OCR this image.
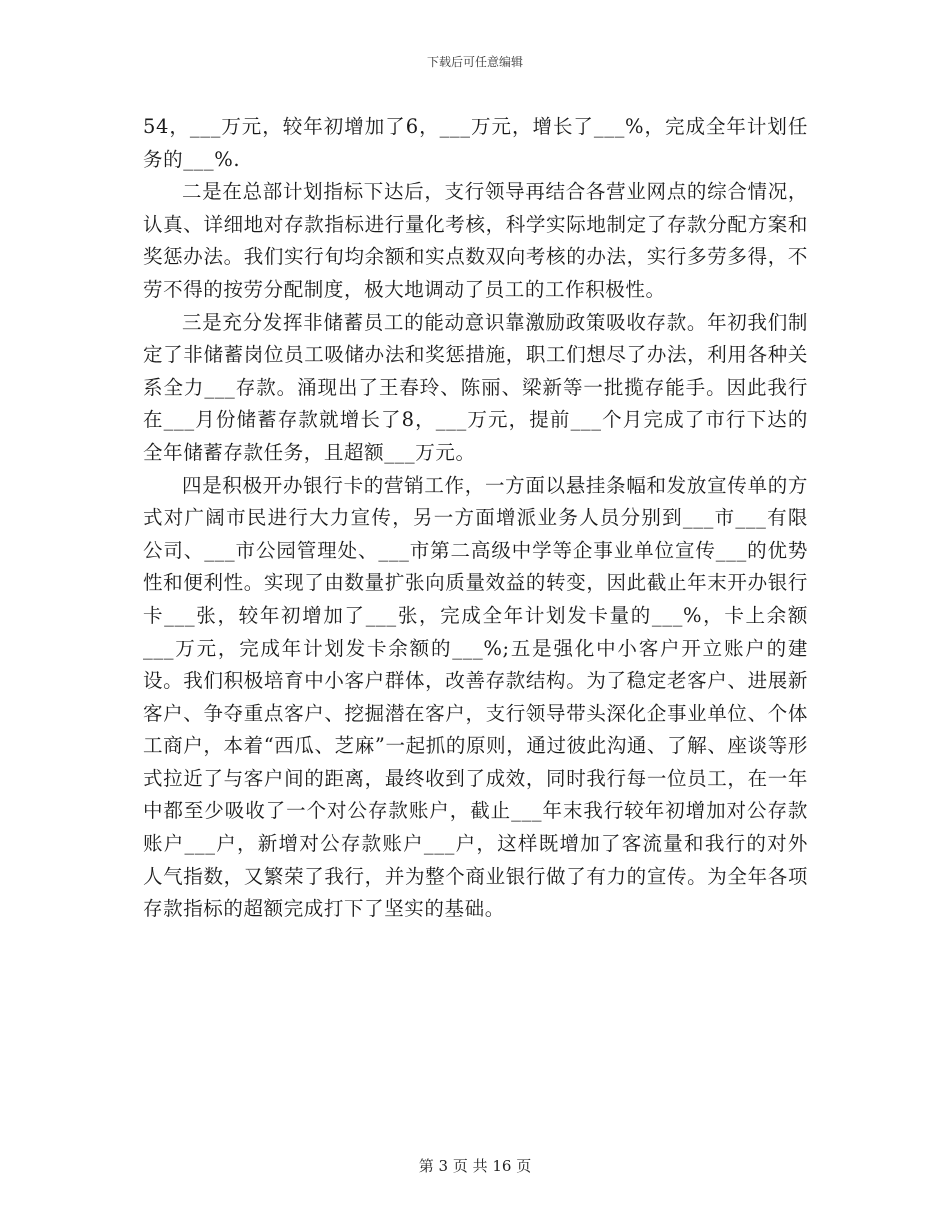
下载后可任意编辑

54，___万元，较年初增加了6，___万元，增长了___%，完成全年计划任务的___%.

二是在总部计划指标下达后，支行领导再结合各营业网点的综合情况，认真、详细地对存款指标进行量化考核，科学实际地制定了存款分配方案和奖惩办法。我们实行旬均余额和实点数双向考核的办法，实行多劳多得，不劳不得的按劳分配制度，极大地调动了员工的工作积极性。

三是充分发挥非储蓄员工的能动意识靠激励政策吸收存款。年初我们制定了非储蓄岗位员工吸储办法和奖惩措施，职工们想尽了办法，利用各种关系全力___存款。涌现出了王春玲、陈丽、梁新等一批揽存能手。因此我行在___月份储蓄存款就增长了8，___万元，提前___个月完成了市行下达的全年储蓄存款任务，且超额___万元。

四是积极开办银行卡的营销工作，一方面以悬挂条幅和发放宣传单的方式对广阔市民进行大力宣传，另一方面增派业务人员分别到___市___有限公司、___市公园管理处、___市第二高级中学等企事业单位宣传___的优势性和便利性。实现了由数量扩张向质量效益的转变，因此截止年末开办银行卡___张，较年初增加了___张，完成全年计划发卡量的___%，卡上余额___万元，完成年计划发卡余额的___%;五是强化中小客户开立账户的建设。我们积极培育中小客户群体，改善存款结构。为了稳定老客户、进展新客户、争夺重点客户、挖掘潜在客户，支行领导带头深化企事业单位、个体工商户，本着“西瓜、芝麻”一起抓的原则，通过彼此沟通、了解、座谈等形式拉近了与客户间的距离，最终收到了成效，同时我行每一位员工，在一年中都至少吸收了一个对公存款账户，截止___年末我行较年初增加对公存款账户___户，新增对公存款账户___户，这样既增加了客流量和我行的对外人气指数，又繁荣了我行，并为整个商业银行做了有力的宣传。为全年各项存款指标的超额完成打下了坚实的基础。

第 3 页 共 16 页
